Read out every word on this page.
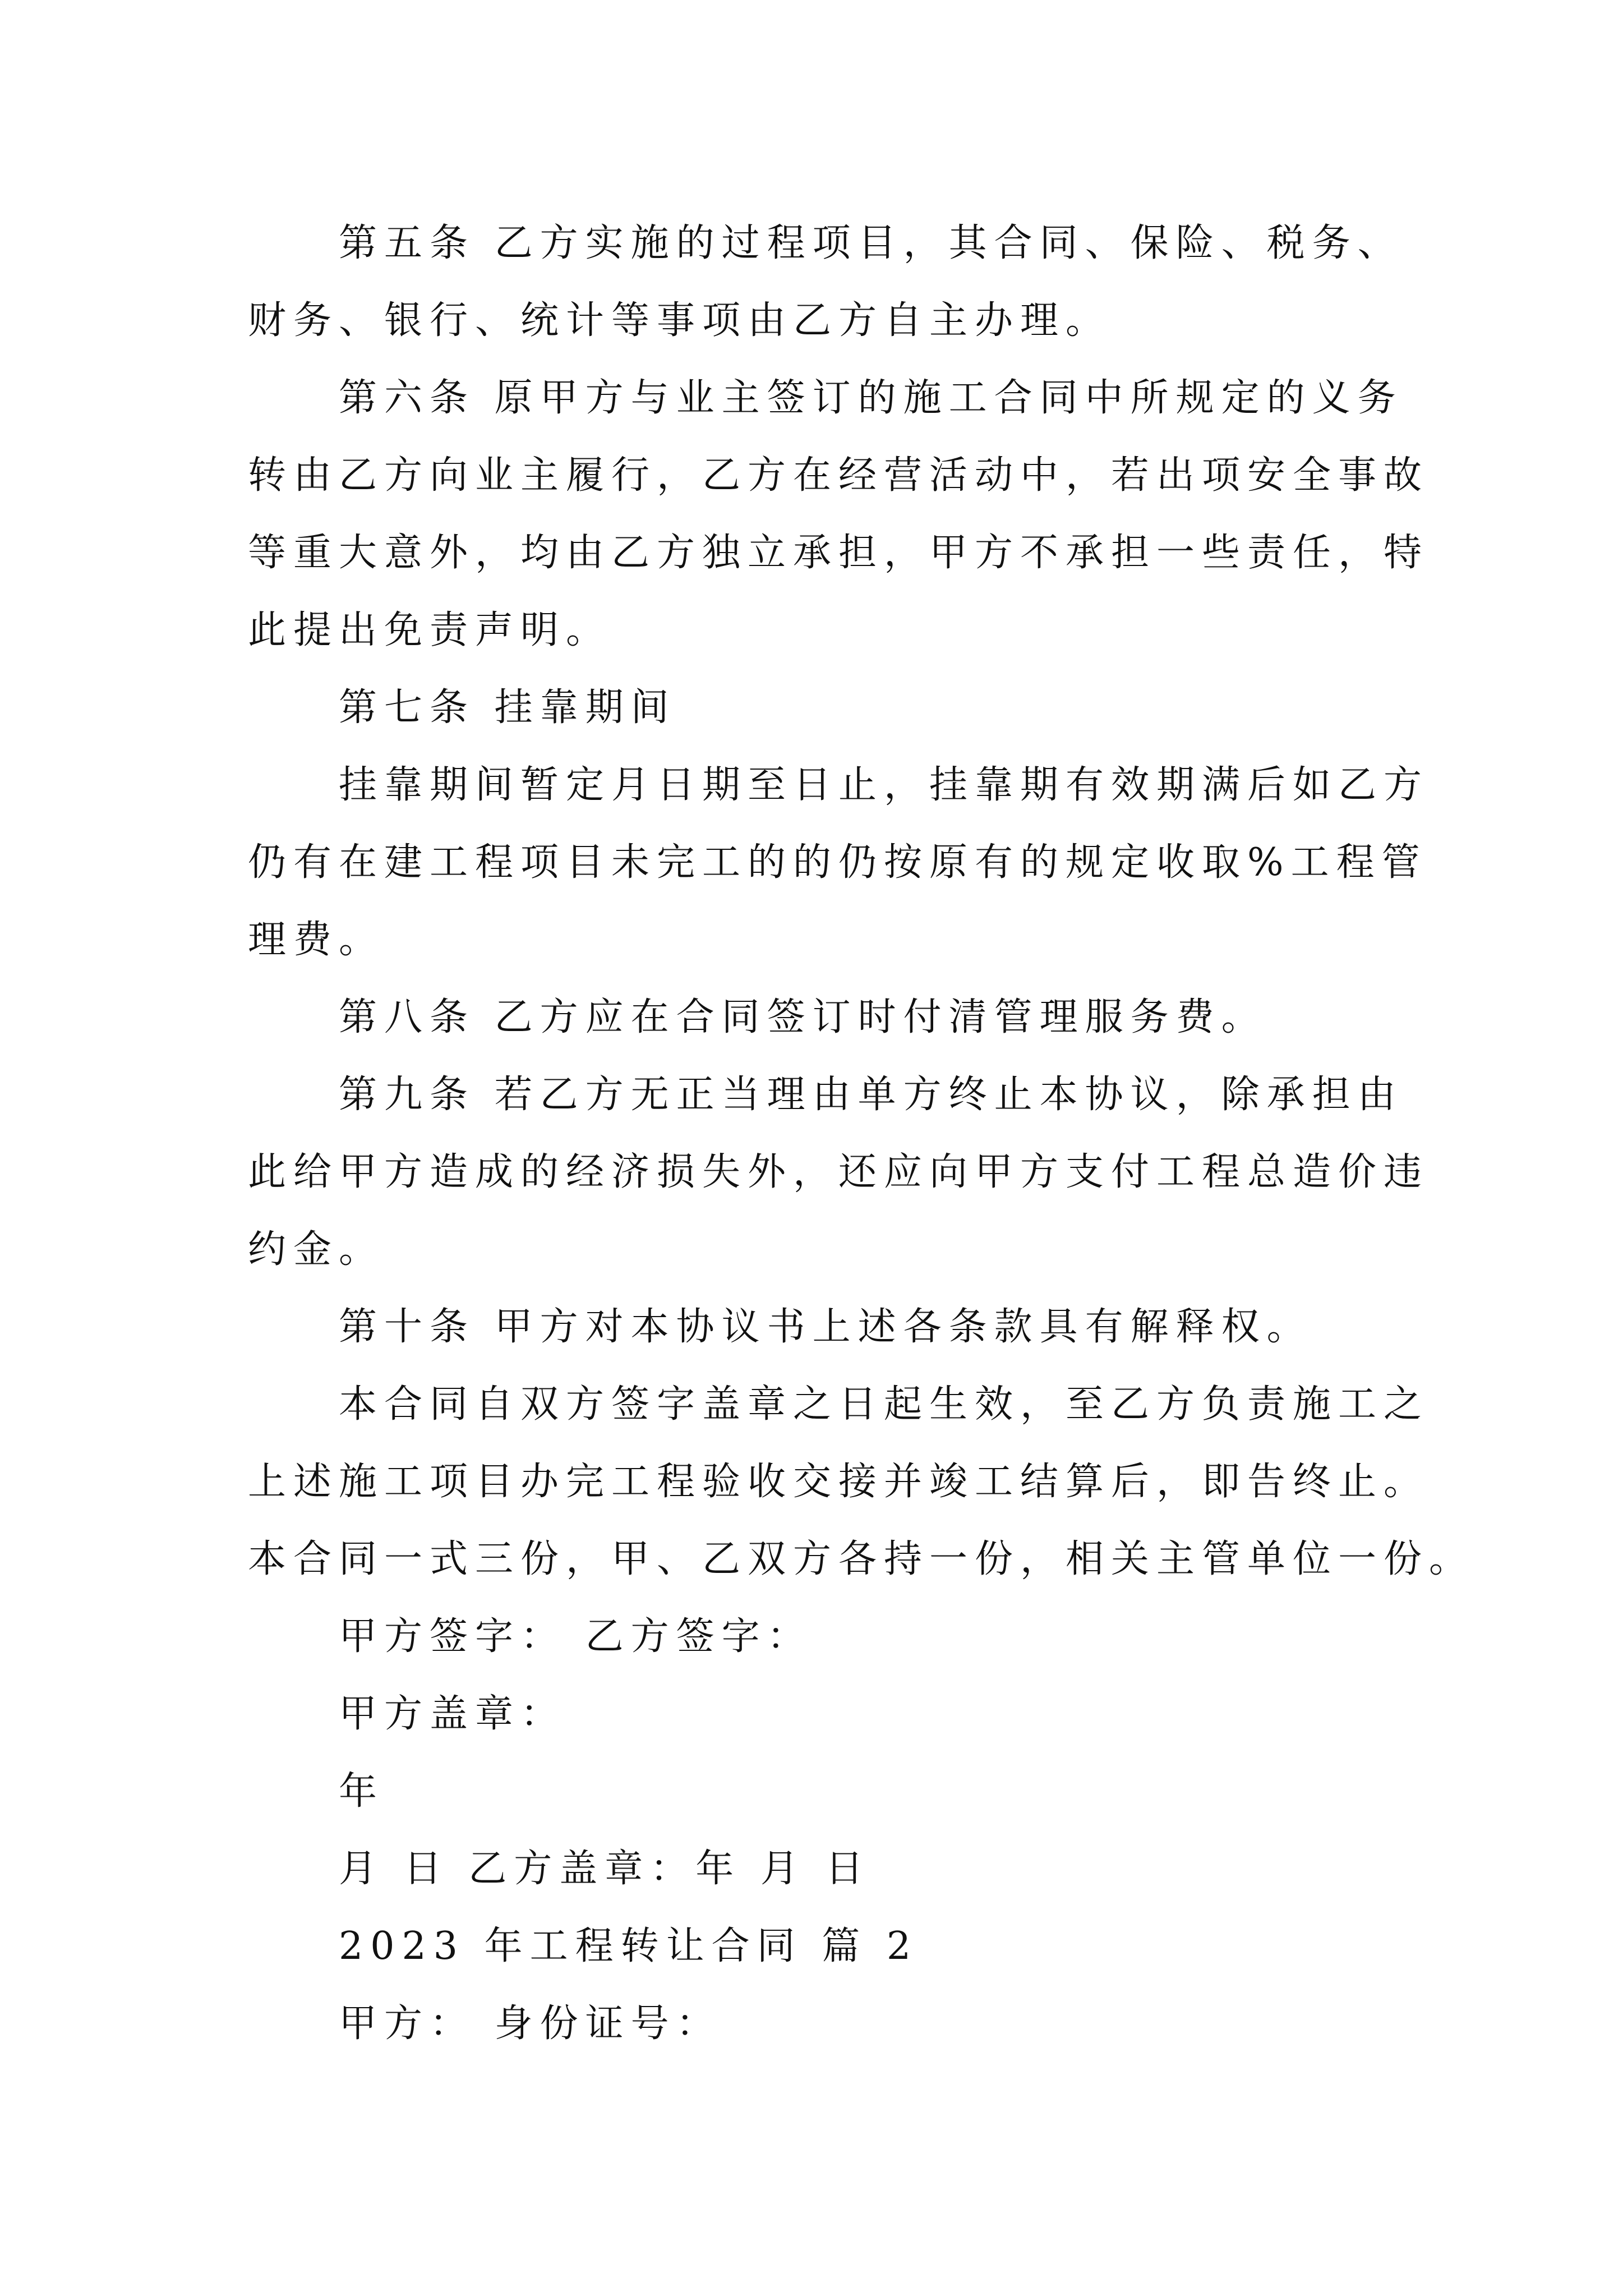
第五条 乙方实施的过程项目，其合同、保险、税务、
财务、银行、统计等事项由乙方自主办理。
第六条 原甲方与业主签订的施工合同中所规定的义务
转由乙方向业主履行，乙方在经营活动中，若出项安全事故
等重大意外，均由乙方独立承担，甲方不承担一些责任，特
此提出免责声明。
第七条 挂靠期间
挂靠期间暂定月日期至日止，挂靠期有效期满后如乙方
仍有在建工程项目未完工的的仍按原有的规定收取%工程管
理费。
第八条 乙方应在合同签订时付清管理服务费。
第九条 若乙方无正当理由单方终止本协议，除承担由
此给甲方造成的经济损失外，还应向甲方支付工程总造价违
约金。
第十条 甲方对本协议书上述各条款具有解释权。
本合同自双方签字盖章之日起生效，至乙方负责施工之
上述施工项目办完工程验收交接并竣工结算后，即告终止。
本合同一式三份，甲、乙双方各持一份，相关主管单位一份。
甲方签字： 乙方签字：
甲方盖章：
年
月 日 乙方盖章：年 月 日
2023 年工程转让合同 篇 2
甲方： 身份证号：
